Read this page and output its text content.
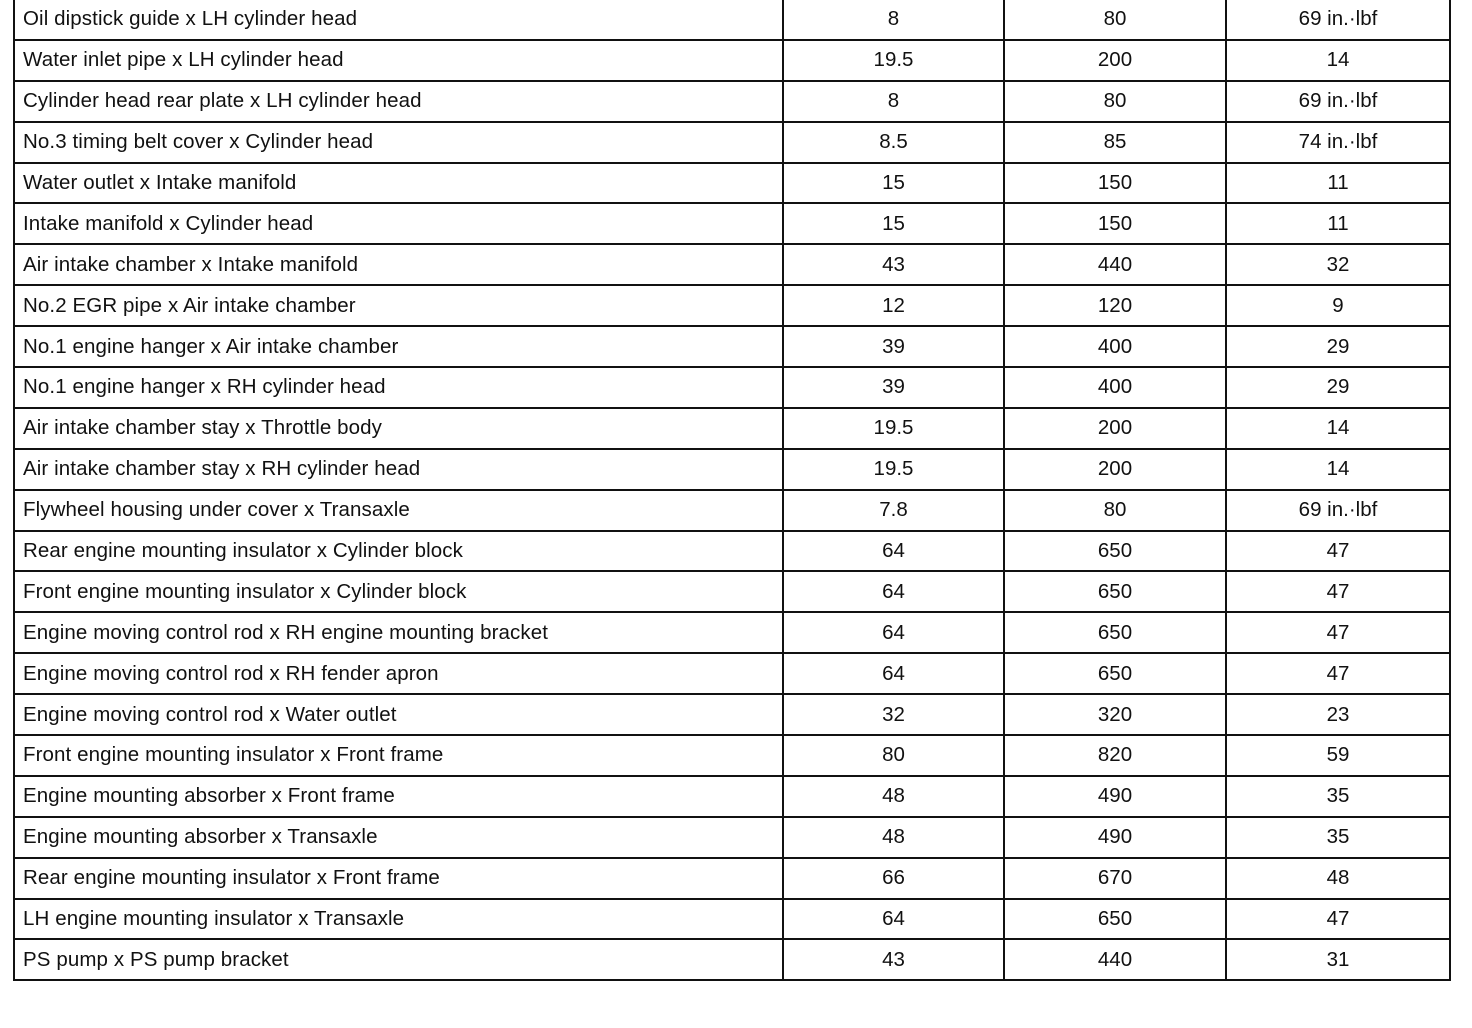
Oil dipstick guide x LH cylinder head	8	80	69 in.·lbf
Water inlet pipe x LH cylinder head	19.5	200	14
Cylinder head rear plate x LH cylinder head	8	80	69 in.·lbf
No.3 timing belt cover x Cylinder head	8.5	85	74 in.·lbf
Water outlet x Intake manifold	15	150	11
Intake manifold x Cylinder head	15	150	11
Air intake chamber x Intake manifold	43	440	32
No.2 EGR pipe x Air intake chamber	12	120	9
No.1 engine hanger x Air intake chamber	39	400	29
No.1 engine hanger x RH cylinder head	39	400	29
Air intake chamber stay x Throttle body	19.5	200	14
Air intake chamber stay x RH cylinder head	19.5	200	14
Flywheel housing under cover x Transaxle	7.8	80	69 in.·lbf
Rear engine mounting insulator x Cylinder block	64	650	47
Front engine mounting insulator x Cylinder block	64	650	47
Engine moving control rod x RH engine mounting bracket	64	650	47
Engine moving control rod x RH fender apron	64	650	47
Engine moving control rod x Water outlet	32	320	23
Front engine mounting insulator x Front frame	80	820	59
Engine mounting absorber x Front frame	48	490	35
Engine mounting absorber x Transaxle	48	490	35
Rear engine mounting insulator x Front frame	66	670	48
LH engine mounting insulator x Transaxle	64	650	47
PS pump x PS pump bracket	43	440	31
